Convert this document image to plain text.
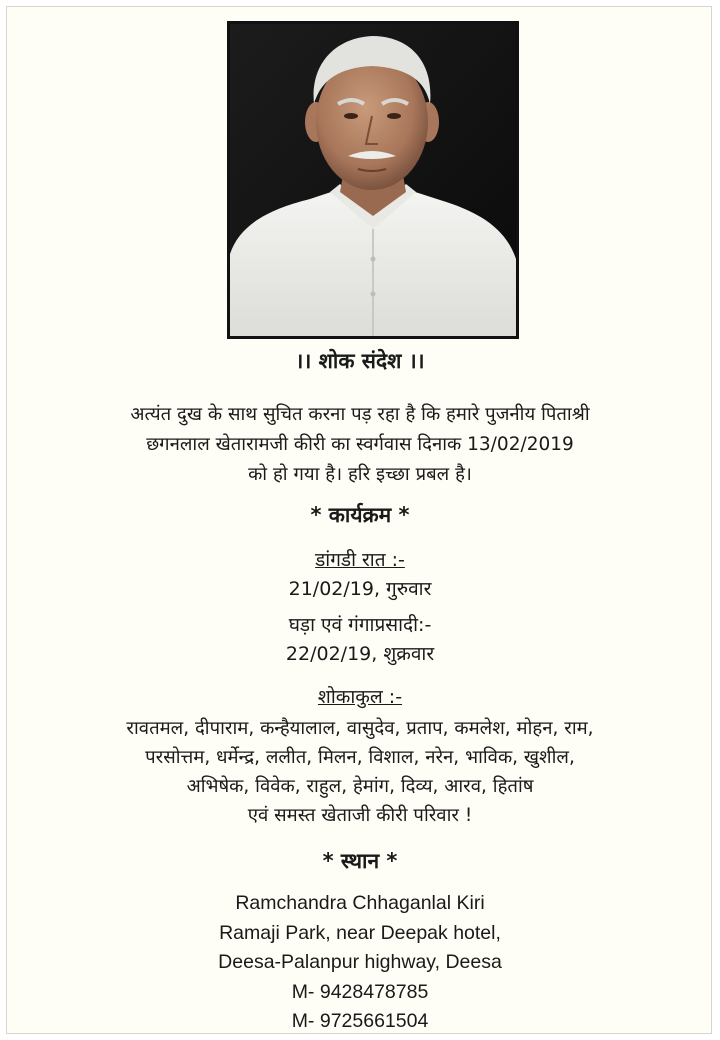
।। शोक संदेश ।।
अत्यंत दुख के साथ सुचित करना पड़ रहा है कि हमारे पुजनीय पिताश्री
छगनलाल खेतारामजी कीरी का स्वर्गवास दिनाक 13/02/2019
को हो गया है। हरि इच्छा प्रबल है।
* कार्यक्रम *
डांगडी रात :-
21/02/19, गुरुवार
घड़ा एवं गंगाप्रसादी:-
22/02/19, शुक्रवार
शोकाकुल :-
रावतमल, दीपाराम, कन्हैयालाल, वासुदेव, प्रताप, कमलेश, मोहन, राम,
परसोत्तम, धर्मेन्द्र, ललीत, मिलन, विशाल, नरेन, भाविक, खुशील,
अभिषेक, विवेक, राहुल, हेमांग, दिव्य, आरव, हितांष
एवं समस्त खेताजी कीरी परिवार !
* स्थान *
Ramchandra Chhaganlal Kiri
Ramaji Park, near Deepak hotel,
Deesa-Palanpur highway, Deesa
M- 9428478785
M- 9725661504
